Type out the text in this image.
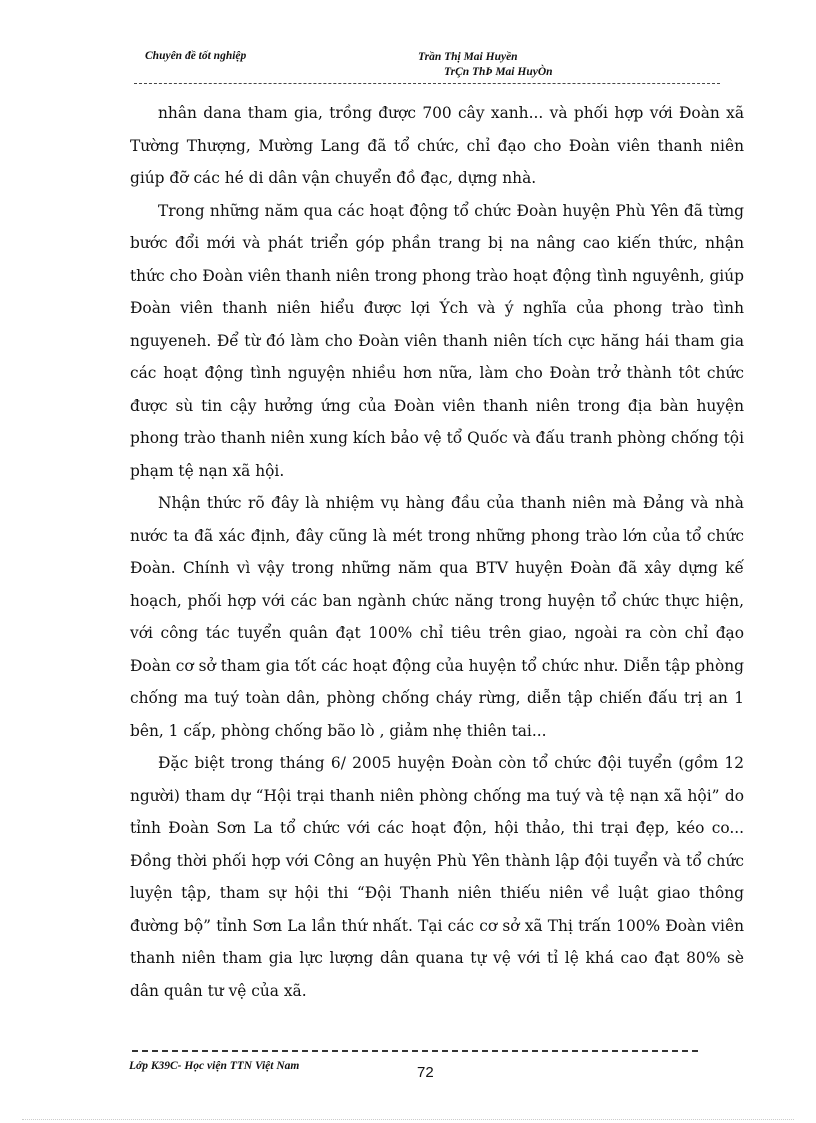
Chuyên đề tốt nghiệp	Trần Thị Mai Huyền
TrÇn ThÞ Mai HuyÒn

nhân dana tham gia, trồng được 700 cây xanh... và phối hợp với Đoàn xã Tường Thượng, Mường Lang đã tổ chức, chỉ đạo cho Đoàn viên thanh niên giúp đỡ các hé di dân vận chuyển đồ đạc, dựng nhà.

Trong những năm qua các hoạt động tổ chức Đoàn huyện Phù Yên đã từng bước đổi mới và phát triển góp phần trang bị na nâng cao kiến thức, nhận thức cho Đoàn viên thanh niên trong phong trào hoạt động tình nguyênh, giúp Đoàn viên thanh niên hiểu được lợi Ých và ý nghĩa của phong trào tình nguyeneh. Để từ đó làm cho Đoàn viên thanh niên tích cực hăng hái tham gia các hoạt động tình nguyện nhiều hơn nữa, làm cho Đoàn trở thành tôt chức được sù tin cậy hưởng ứng của Đoàn viên thanh niên trong địa bàn huyện phong trào thanh niên xung kích bảo vệ tổ Quốc và đấu tranh phòng chống tội phạm tệ nạn xã hội.

Nhận thức rõ đây là nhiệm vụ hàng đầu của thanh niên mà Đảng và nhà nước ta đã xác định, đây cũng là mét trong những phong trào lớn của tổ chức Đoàn. Chính vì vậy trong những năm qua BTV huyện Đoàn đã xây dựng kế hoạch, phối hợp với các ban ngành chức năng trong huyện tổ chức thực hiện, với công tác tuyển quân đạt 100% chỉ tiêu trên giao, ngoài ra còn chỉ đạo Đoàn cơ sở tham gia tốt các hoạt động của huyện tổ chức như. Diễn tập phòng chống ma tuý toàn dân, phòng chống cháy rừng, diễn tập chiến đấu trị an 1 bên, 1 cấp, phòng chống bão lò , giảm nhẹ thiên tai...

Đặc biệt trong tháng 6/ 2005 huyện Đoàn còn tổ chức đội tuyển (gồm 12 người) tham dự “Hội trại thanh niên phòng chống ma tuý và tệ nạn xã hội” do tỉnh Đoàn Sơn La tổ chức với các hoạt độn, hội thảo, thi trại đẹp, kéo co... Đồng thời phối hợp với Công an huyện Phù Yên thành lập đội tuyển và tổ chức luyện tập, tham sự hội thi “Đội Thanh niên thiếu niên về luật giao thông đường bộ” tỉnh Sơn La lần thứ nhất. Tại các cơ sở xã Thị trấn 100% Đoàn viên thanh niên tham gia lực lượng dân quana tự vệ với tỉ lệ khá cao đạt 80% sè dân quân tư vệ của xã.

Lớp K39C- Học viện TTN Việt Nam	72
